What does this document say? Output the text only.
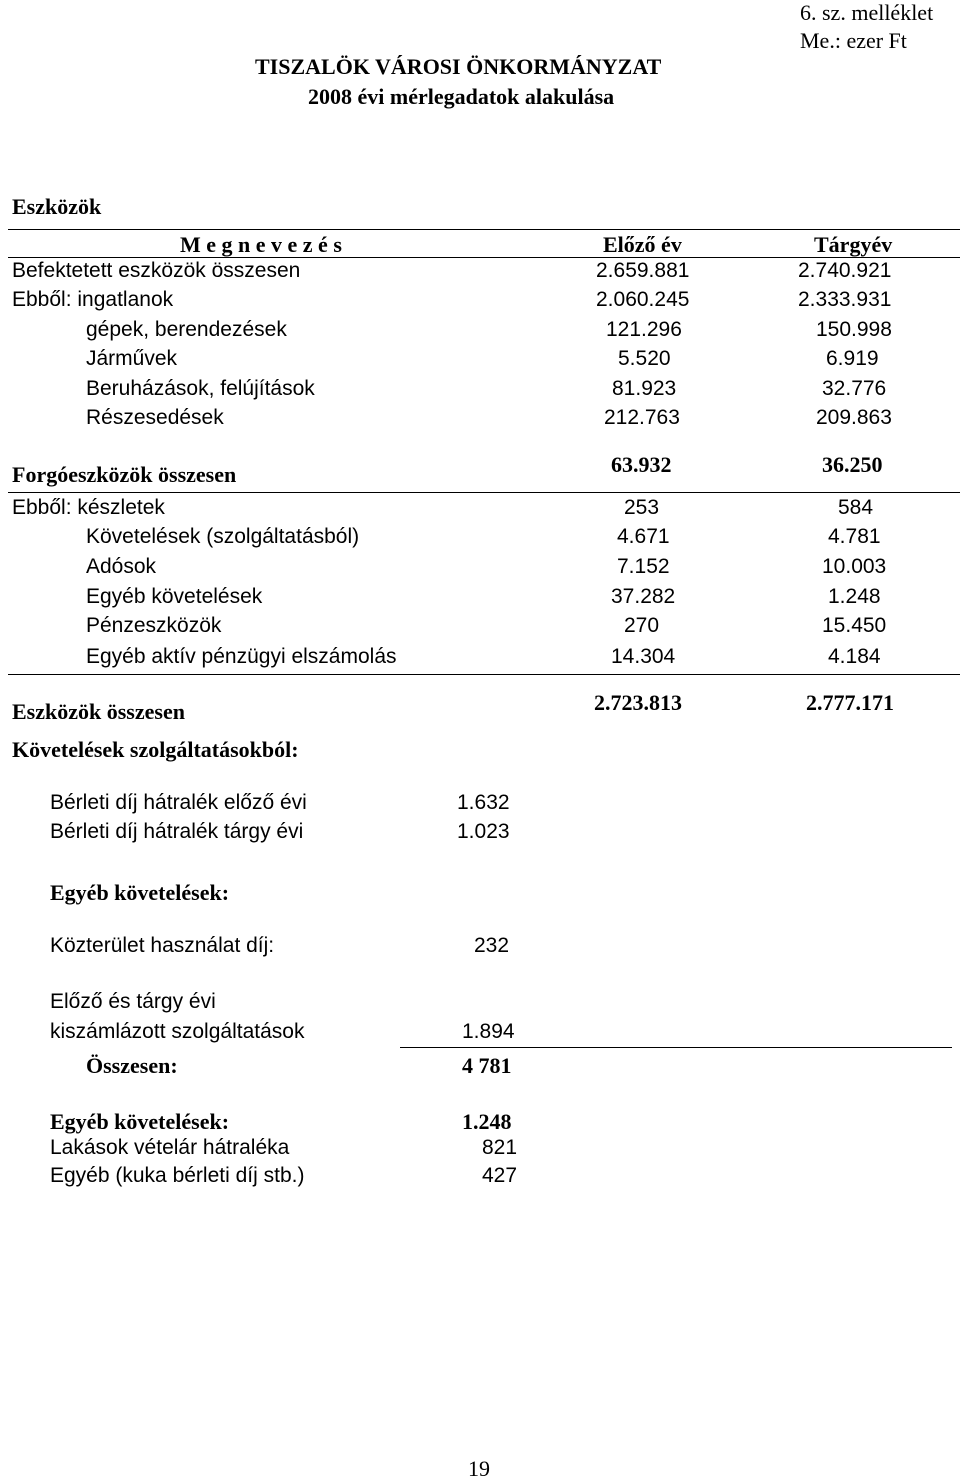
6. sz. melléklet
Me.: ezer Ft
TISZALÖK VÁROSI ÖNKORMÁNYZAT
2008 évi mérlegadatok alakulása
Eszközök
M e g n e v e z é s	Előző év	Tárgyév
Befektetett eszközök összesen	2.659.881	2.740.921
Ebből: ingatlanok	2.060.245	2.333.931
gépek, berendezések	121.296	150.998
Járművek	5.520	6.919
Beruházások, felújítások	81.923	32.776
Részesedések	212.763	209.863
Forgóeszközök összesen	63.932	36.250
Ebből: készletek	253	584
Követelések (szolgáltatásból)	4.671	4.781
Adósok	7.152	10.003
Egyéb követelések	37.282	1.248
Pénzeszközök	270	15.450
Egyéb aktív pénzügyi elszámolás	14.304	4.184
Eszközök összesen	2.723.813	2.777.171
Követelések szolgáltatásokból:
Bérleti díj hátralék előző évi	1.632
Bérleti díj hátralék tárgy évi	1.023
Egyéb követelések:
Közterület használat díj:	232
Előző és tárgy évi
kiszámlázott szolgáltatások	1.894
Összesen:	4 781
Egyéb követelések:	1.248
Lakások vételár hátraléka	821
Egyéb (kuka bérleti díj stb.)	427
19
